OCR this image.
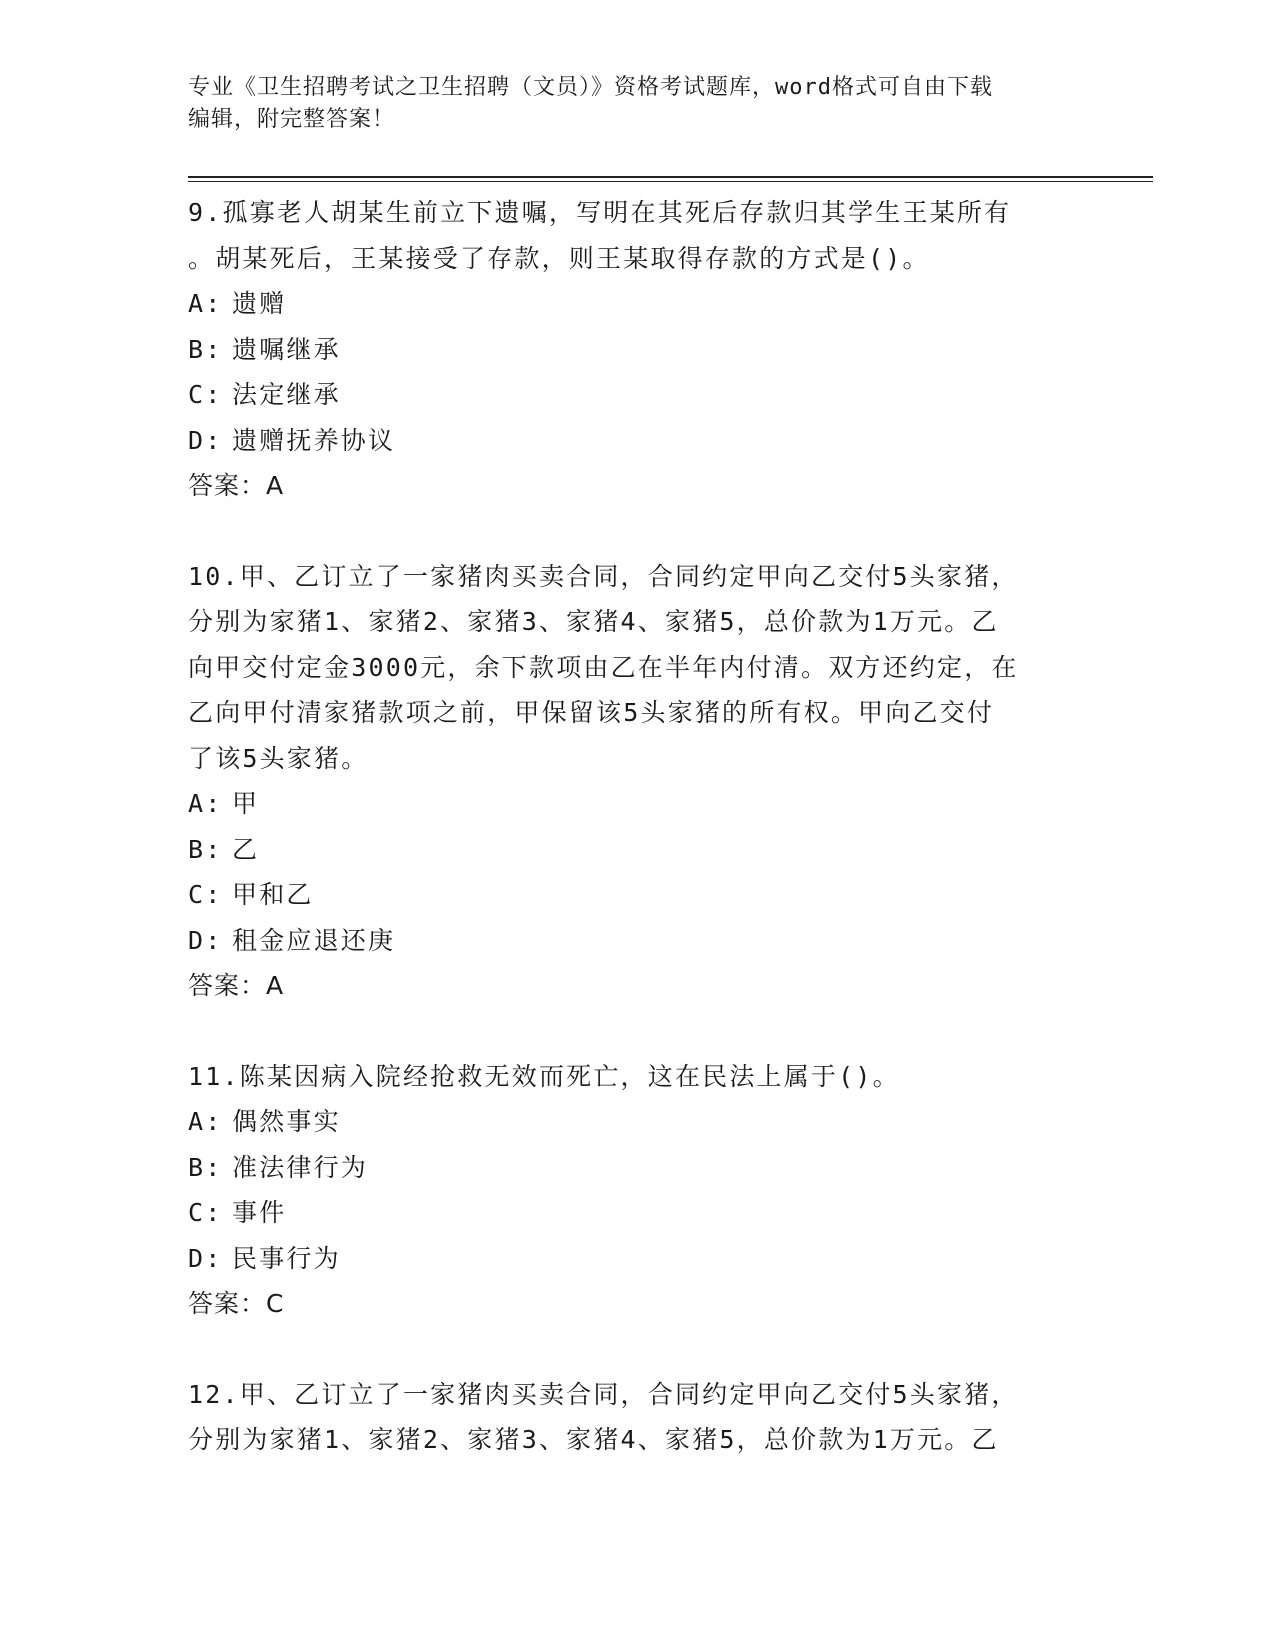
专业《卫生招聘考试之卫生招聘（文员）》资格考试题库，word格式可自由下载
编辑，附完整答案！

9.孤寡老人胡某生前立下遗嘱，写明在其死后存款归其学生王某所有

。胡某死后，王某接受了存款，则王某取得存款的方式是()。

A: 遗赠

B: 遗嘱继承

C: 法定继承

D: 遗赠抚养协议

答案：A

10.甲、乙订立了一家猪肉买卖合同，合同约定甲向乙交付5头家猪，

分别为家猪1、家猪2、家猪3、家猪4、家猪5，总价款为1万元。乙

向甲交付定金3000元，余下款项由乙在半年内付清。双方还约定，在

乙向甲付清家猪款项之前，甲保留该5头家猪的所有权。甲向乙交付

了该5头家猪。

A: 甲

B: 乙

C: 甲和乙

D: 租金应退还庚

答案：A

11.陈某因病入院经抢救无效而死亡，这在民法上属于()。

A: 偶然事实

B: 准法律行为

C: 事件

D: 民事行为

答案：C

12.甲、乙订立了一家猪肉买卖合同，合同约定甲向乙交付5头家猪，

分别为家猪1、家猪2、家猪3、家猪4、家猪5，总价款为1万元。乙
